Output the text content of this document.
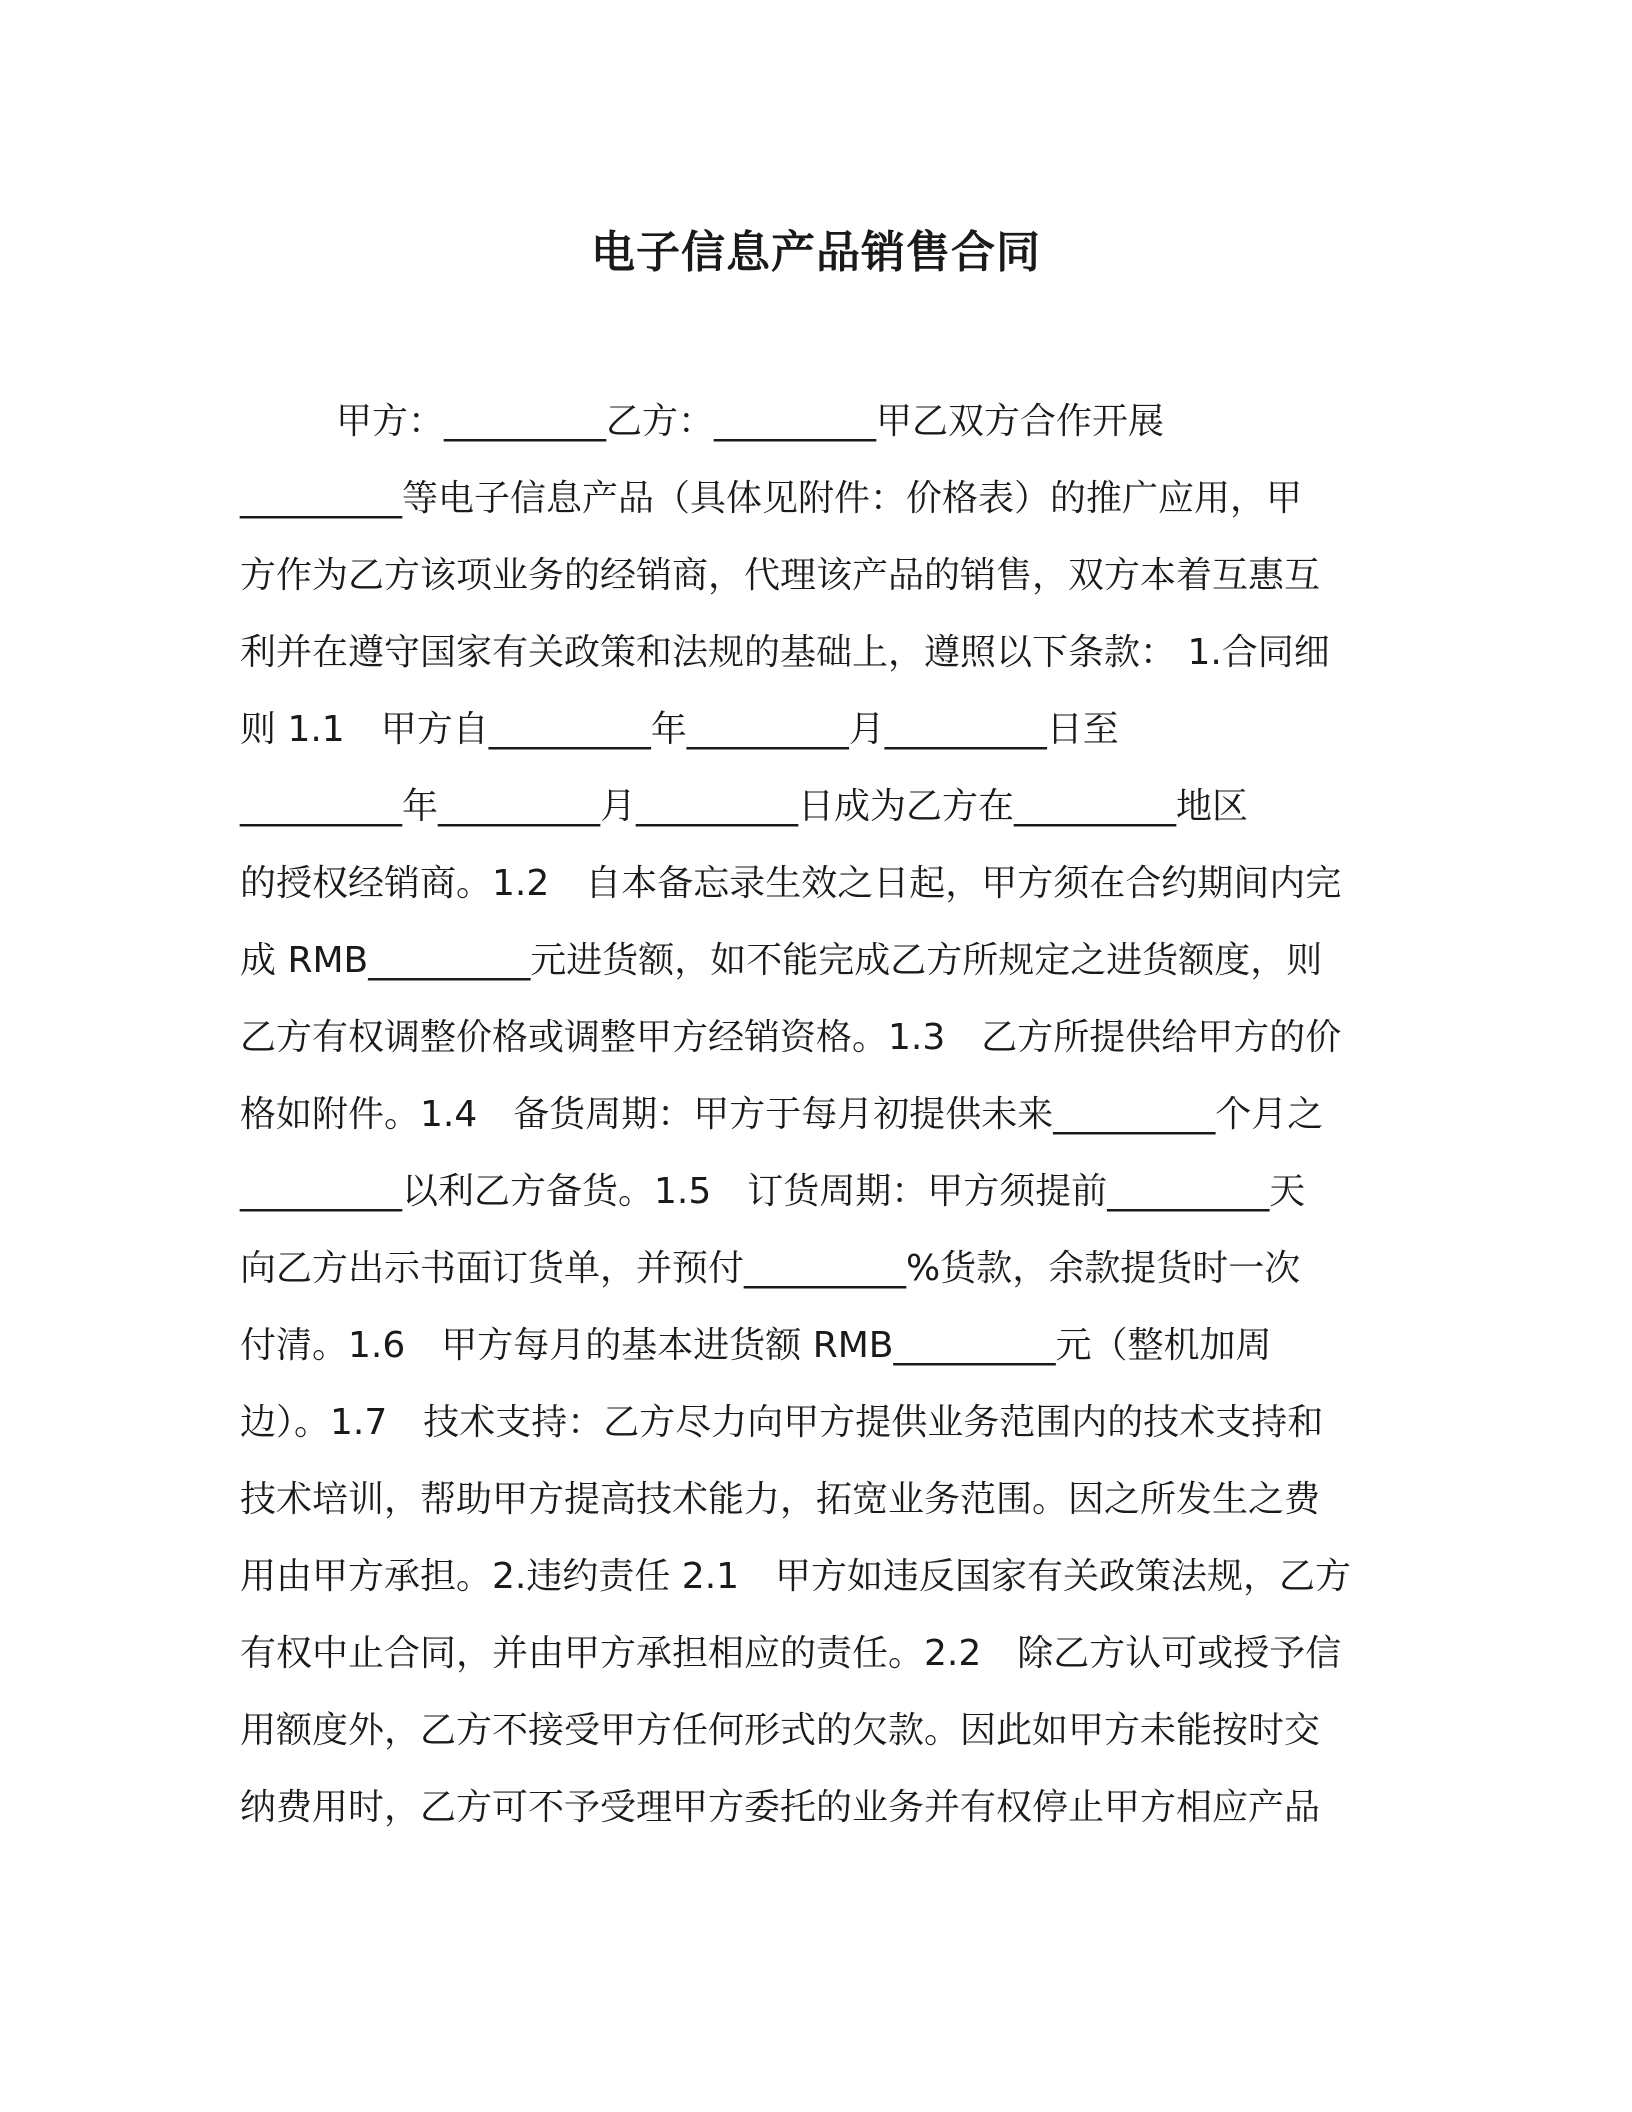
电子信息产品销售合同
甲方：_________乙方：_________甲乙双方合作开展
_________等电子信息产品（具体见附件：价格表）的推广应用，甲
方作为乙方该项业务的经销商，代理该产品的销售，双方本着互惠互
利并在遵守国家有关政策和法规的基础上，遵照以下条款： 1.合同细
则 1.1　甲方自_________年_________月_________日至
_________年_________月_________日成为乙方在_________地区
的授权经销商。1.2　自本备忘录生效之日起，甲方须在合约期间内完
成 RMB_________元进货额，如不能完成乙方所规定之进货额度，则
乙方有权调整价格或调整甲方经销资格。1.3　乙方所提供给甲方的价
格如附件。1.4　备货周期：甲方于每月初提供未来_________个月之
_________以利乙方备货。1.5　订货周期：甲方须提前_________天
向乙方出示书面订货单，并预付_________%货款，余款提货时一次
付清。1.6　甲方每月的基本进货额 RMB_________元（整机加周
边）。1.7　技术支持：乙方尽力向甲方提供业务范围内的技术支持和
技术培训，帮助甲方提高技术能力，拓宽业务范围。因之所发生之费
用由甲方承担。2.违约责任 2.1　甲方如违反国家有关政策法规，乙方
有权中止合同，并由甲方承担相应的责任。2.2　除乙方认可或授予信
用额度外，乙方不接受甲方任何形式的欠款。因此如甲方未能按时交
纳费用时，乙方可不予受理甲方委托的业务并有权停止甲方相应产品
